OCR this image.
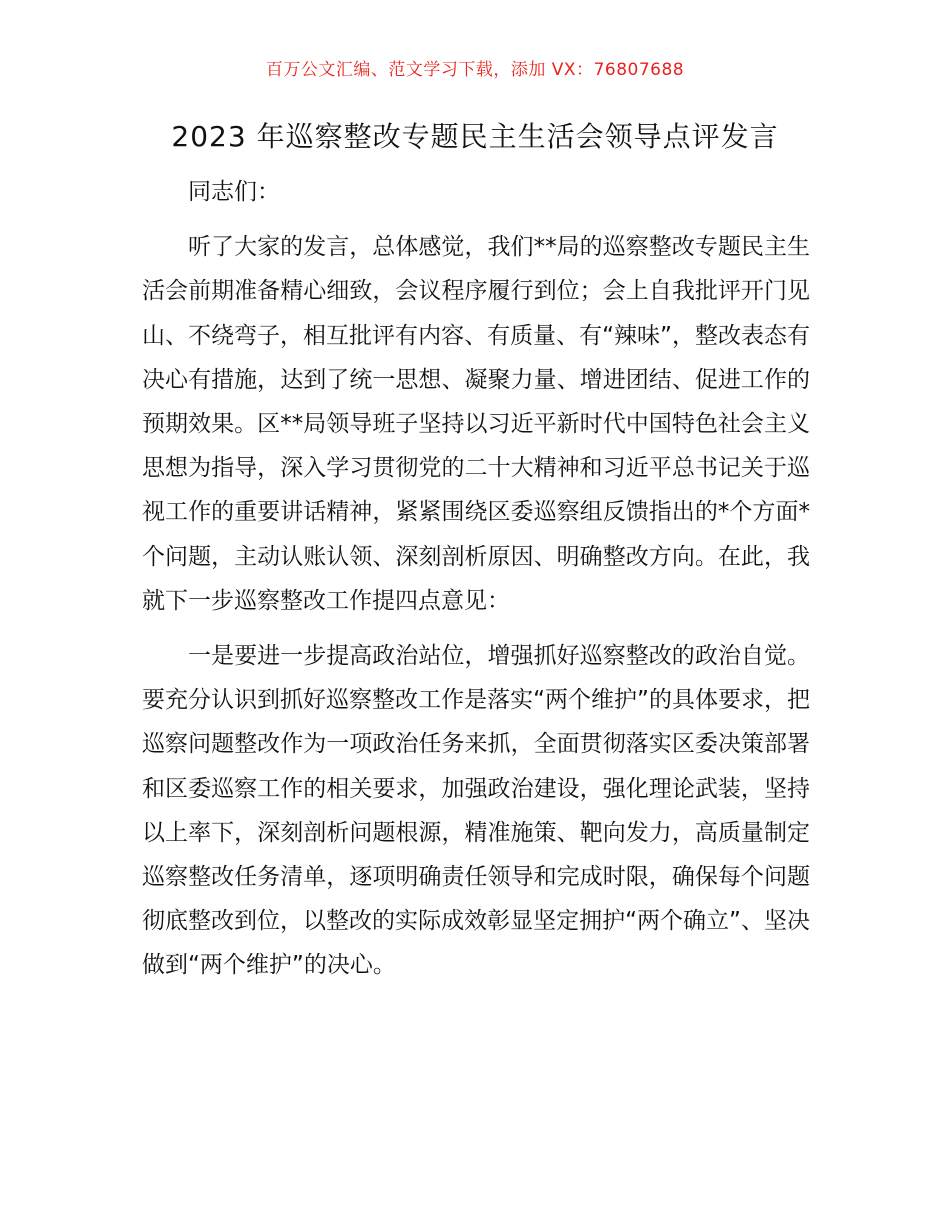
百万公文汇编、范文学习下载，添加 VX：76807688
2023 年巡察整改专题民主生活会领导点评发言

同志们：

听了大家的发言，总体感觉，我们**局的巡察整改专题民主生活会前期准备精心细致，会议程序履行到位；会上自我批评开门见山、不绕弯子，相互批评有内容、有质量、有“辣味”，整改表态有决心有措施，达到了统一思想、凝聚力量、增进团结、促进工作的预期效果。区**局领导班子坚持以习近平新时代中国特色社会主义思想为指导，深入学习贯彻党的二十大精神和习近平总书记关于巡视工作的重要讲话精神，紧紧围绕区委巡察组反馈指出的*个方面*个问题，主动认账认领、深刻剖析原因、明确整改方向。在此，我就下一步巡察整改工作提四点意见：

一是要进一步提高政治站位，增强抓好巡察整改的政治自觉。要充分认识到抓好巡察整改工作是落实“两个维护”的具体要求，把巡察问题整改作为一项政治任务来抓，全面贯彻落实区委决策部署和区委巡察工作的相关要求，加强政治建设，强化理论武装，坚持以上率下，深刻剖析问题根源，精准施策、靶向发力，高质量制定巡察整改任务清单，逐项明确责任领导和完成时限，确保每个问题彻底整改到位，以整改的实际成效彰显坚定拥护“两个确立”、坚决做到“两个维护”的决心。
